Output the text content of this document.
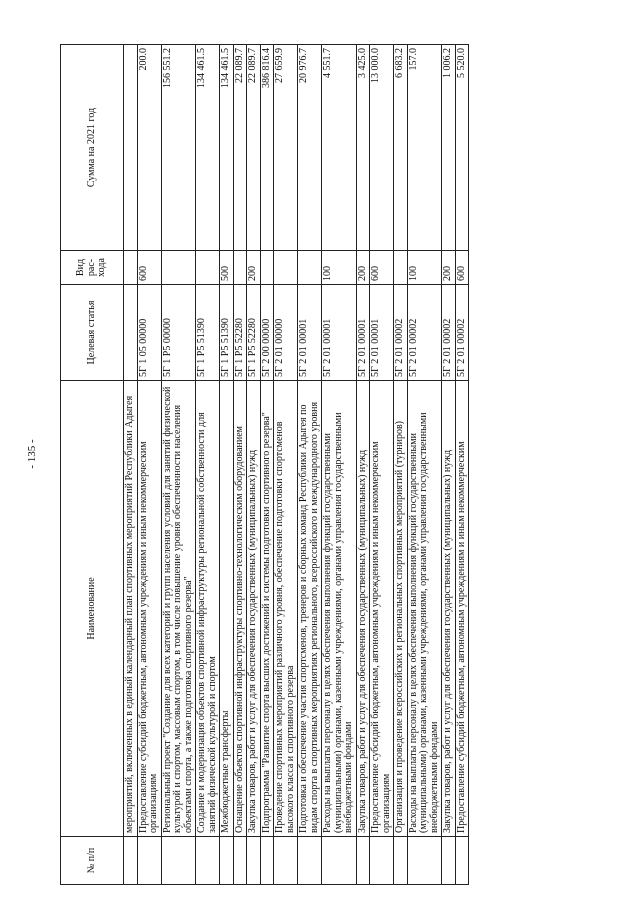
- 135 -
№ п/п	Наименование	Целевая статья	Вид рас- хода	Сумма на 2021 год
	мероприятий, включенных в единый календарный план спортивных мероприятий Республики Адыгея			
	Предоставление субсидий бюджетным, автономным учреждениям и иным некоммерческим организациям	5Г 1 05 00000	600	200.0
	Региональный проект "Создание для всех категорий и групп населения условий для занятий физической культурой и спортом, массовым спортом, в том числе повышение уровня обеспеченности населения объектами спорта, а также подготовка спортивного резерва"	5Г 1 P5 00000		156 551.2
	Создание и модернизация объектов спортивной инфраструктуры региональной собственности для занятий физической культурой и спортом	5Г 1 P5 51390		134 461.5
	Межбюджетные трансферты	5Г 1 P5 51390	500	134 461.5
	Оснащение объектов спортивной инфраструктуры спортивно-технологическим оборудованием	5Г 1 P5 52280		22 089.7
	Закупка товаров, работ и услуг для обеспечения государственных (муниципальных) нужд	5Г 1 P5 52280	200	22 089.7
	Подпрограмма "Развитие спорта высших достижений и системы подготовки спортивного резерва"	5Г 2 00 00000		386 816.4
	Проведение спортивных мероприятий различного уровня, обеспечение подготовки спортсменов высокого класса и спортивного резерва	5Г 2 01 00000		27 659.9
	Подготовка и обеспечение участия спортсменов, тренеров и сборных команд Республики Адыгея по видам спорта в спортивных мероприятиях регионального, всероссийского и международного уровня	5Г 2 01 00001		20 976.7
	Расходы на выплаты персоналу в целях обеспечения выполнения функций государственными (муниципальными) органами, казенными учреждениями, органами управления государственными внебюджетными фондами	5Г 2 01 00001	100	4 551.7
	Закупка товаров, работ и услуг для обеспечения государственных (муниципальных) нужд	5Г 2 01 00001	200	3 425.0
	Предоставление субсидий бюджетным, автономным учреждениям и иным некоммерческим организациям	5Г 2 01 00001	600	13 000.0
	Организация и проведение всероссийских и региональных спортивных мероприятий (турниров)	5Г 2 01 00002		6 683.2
	Расходы на выплаты персоналу в целях обеспечения выполнения функций государственными (муниципальными) органами, казенными учреждениями, органами управления государственными внебюджетными фондами	5Г 2 01 00002	100	157.0
	Закупка товаров, работ и услуг для обеспечения государственных (муниципальных) нужд	5Г 2 01 00002	200	1 006.2
	Предоставление субсидий бюджетным, автономным учреждениям и иным некоммерческим	5Г 2 01 00002	600	5 520.0
